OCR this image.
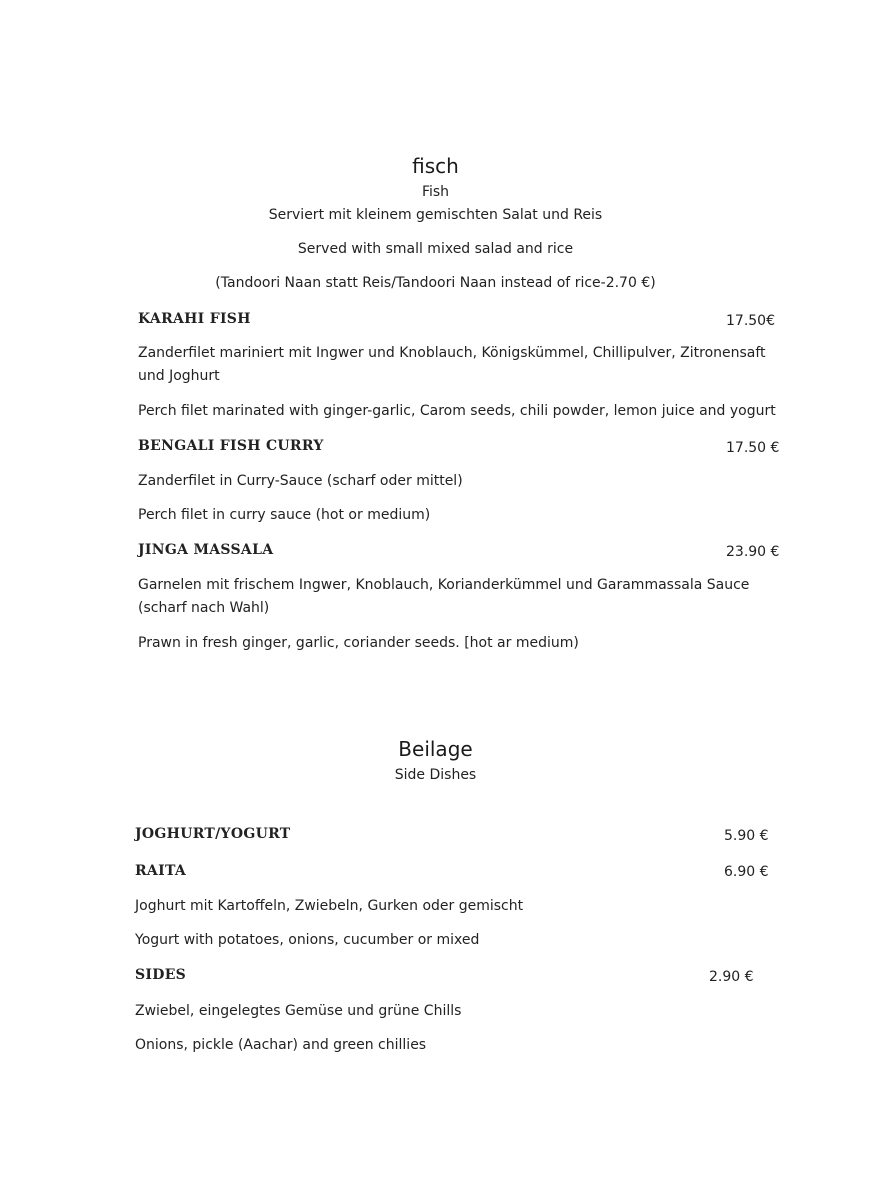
fisch
Fish
Serviert mit kleinem gemischten Salat und Reis
Served with small mixed salad and rice
(Tandoori Naan statt Reis/Tandoori Naan instead of rice-2.70 €)
KARAHI FISH	17.50€
Zanderfilet mariniert mit Ingwer und Knoblauch, Königskümmel, Chillipulver, Zitronensaft und Joghurt
Perch filet marinated with ginger-garlic, Carom seeds, chili powder, lemon juice and yogurt
BENGALI FISH CURRY	17.50 €
Zanderfilet in Curry-Sauce (scharf oder mittel)
Perch filet in curry sauce (hot or medium)
JINGA MASSALA	23.90 €
Garnelen mit frischem Ingwer, Knoblauch, Korianderkümmel und Garammassala Sauce (scharf nach Wahl)
Prawn in fresh ginger, garlic, coriander seeds. [hot ar medium)
Beilage
Side Dishes
JOGHURT/YOGURT	5.90 €
RAITA	6.90 €
Joghurt mit Kartoffeln, Zwiebeln, Gurken oder gemischt
Yogurt with potatoes, onions, cucumber or mixed
SIDES	2.90 €
Zwiebel, eingelegtes Gemüse und grüne Chills
Onions, pickle (Aachar) and green chillies
